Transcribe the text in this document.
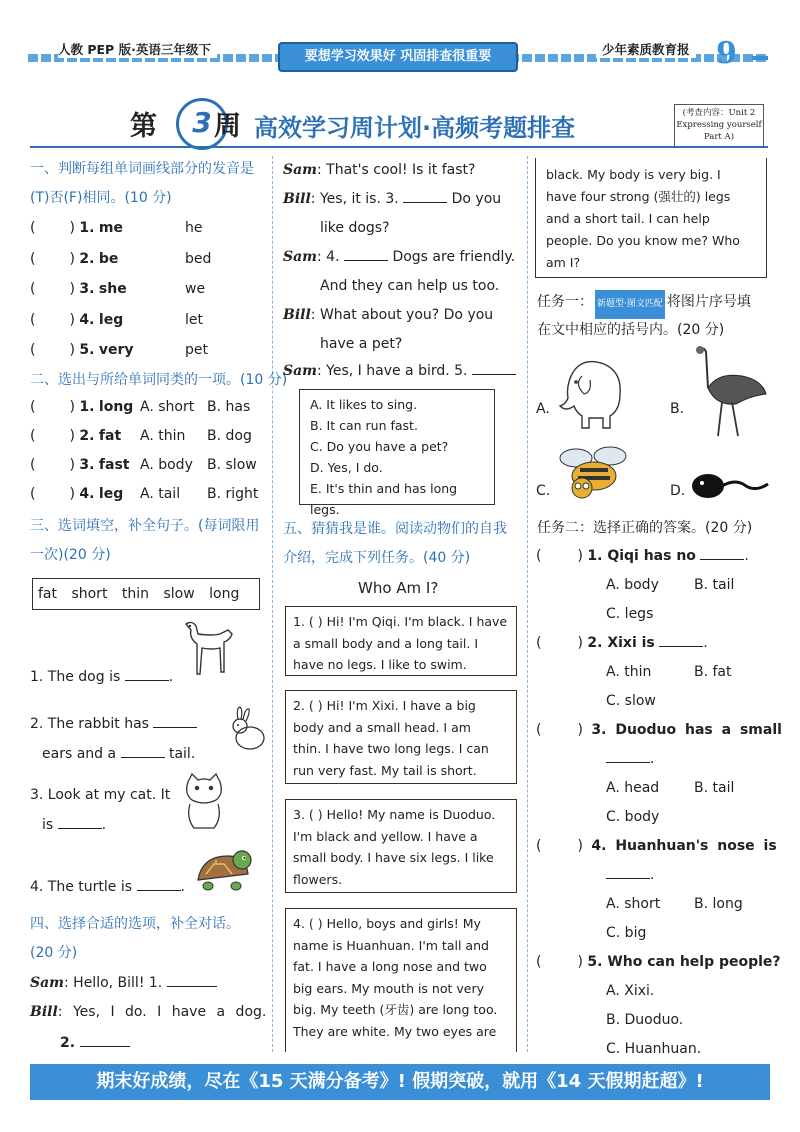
人教 PEP 版·英语三年级下	要想学习效果好 巩固排查很重要	少年素质教育报 9
第	3 周 高效学习周计划·高频考题排查
(考查内容：Unit 2
Expressing yourself
Part A)
一、判断每组单词画线部分的发音是
(T)否(F)相同。(10 分)
( ) 1. me	he
( ) 2. be	bed
( ) 3. she	we
( ) 4. leg	let
( ) 5. very	pet
二、选出与所给单词同类的一项。(10 分)
( ) 1. long A. short B. has
( ) 2. fat A. thin B. dog
( ) 3. fast A. body B. slow
( ) 4. leg A. tail B. right
三、选词填空，补全句子。(每词限用
一次)(20 分)
fat short thin slow long
1. The dog is	.
2. The rabbit has
ears and a	tail.
3. Look at my cat. It
is	.
4. The turtle is	.
四、选择合适的选项，补全对话。
(20 分)
Sam: Hello, Bill! 1.
Bill: Yes, I do. I have a dog.
2.
Sam: That's cool! Is it fast?
Bill: Yes, it is. 3.	Do you
like dogs?
Sam: 4.	Dogs are friendly.
And they can help us too.
Bill: What about you? Do you
have a pet?
Sam: Yes, I have a bird. 5.
A. It likes to sing.
B. It can run fast.
C. Do you have a pet?
D. Yes, I do.
E. It's thin and has long legs.
五、猜猜我是谁。阅读动物们的自我
介绍，完成下列任务。(40 分)
Who Am I?
1. ( ) Hi! I'm Qiqi. I'm black. I have
a small body and a long tail. I
have no legs. I like to swim.
2. ( ) Hi! I'm Xixi. I have a big
body and a small head. I am
thin. I have two long legs. I can
run very fast. My tail is short.
3. ( ) Hello! My name is Duoduo.
I'm black and yellow. I have a
small body. I have six legs. I like
flowers.
4. ( ) Hello, boys and girls! My
name is Huanhuan. I'm tall and
fat. I have a long nose and two
big ears. My mouth is not very
big. My teeth (牙齿) are long too.
They are white. My two eyes are
black. My body is very big. I
have four strong (强壮的) legs
and a short tail. I can help
people. Do you know me? Who
am I?
任务一： 新题型·图文匹配 将图片序号填
在文中相应的括号内。(20 分)
A.	B.
C.	D.
任务二：选择正确的答案。(20 分)
(	) 1. Qiqi has no	.
A. body	B. tail
C. legs
(	) 2. Xixi is	.
A. thin	B. fat
C. slow
(	) 3. Duoduo has a small
.
A. head B. tail
C. body
(	) 4. Huanhuan's nose is
.
A. short B. long
C. big
(	) 5. Who can help people?
A. Xixi.
B. Duoduo.
C. Huanhuan.
期末好成绩，尽在《15 天满分备考》! 假期突破，就用《14 天假期赶超》!
